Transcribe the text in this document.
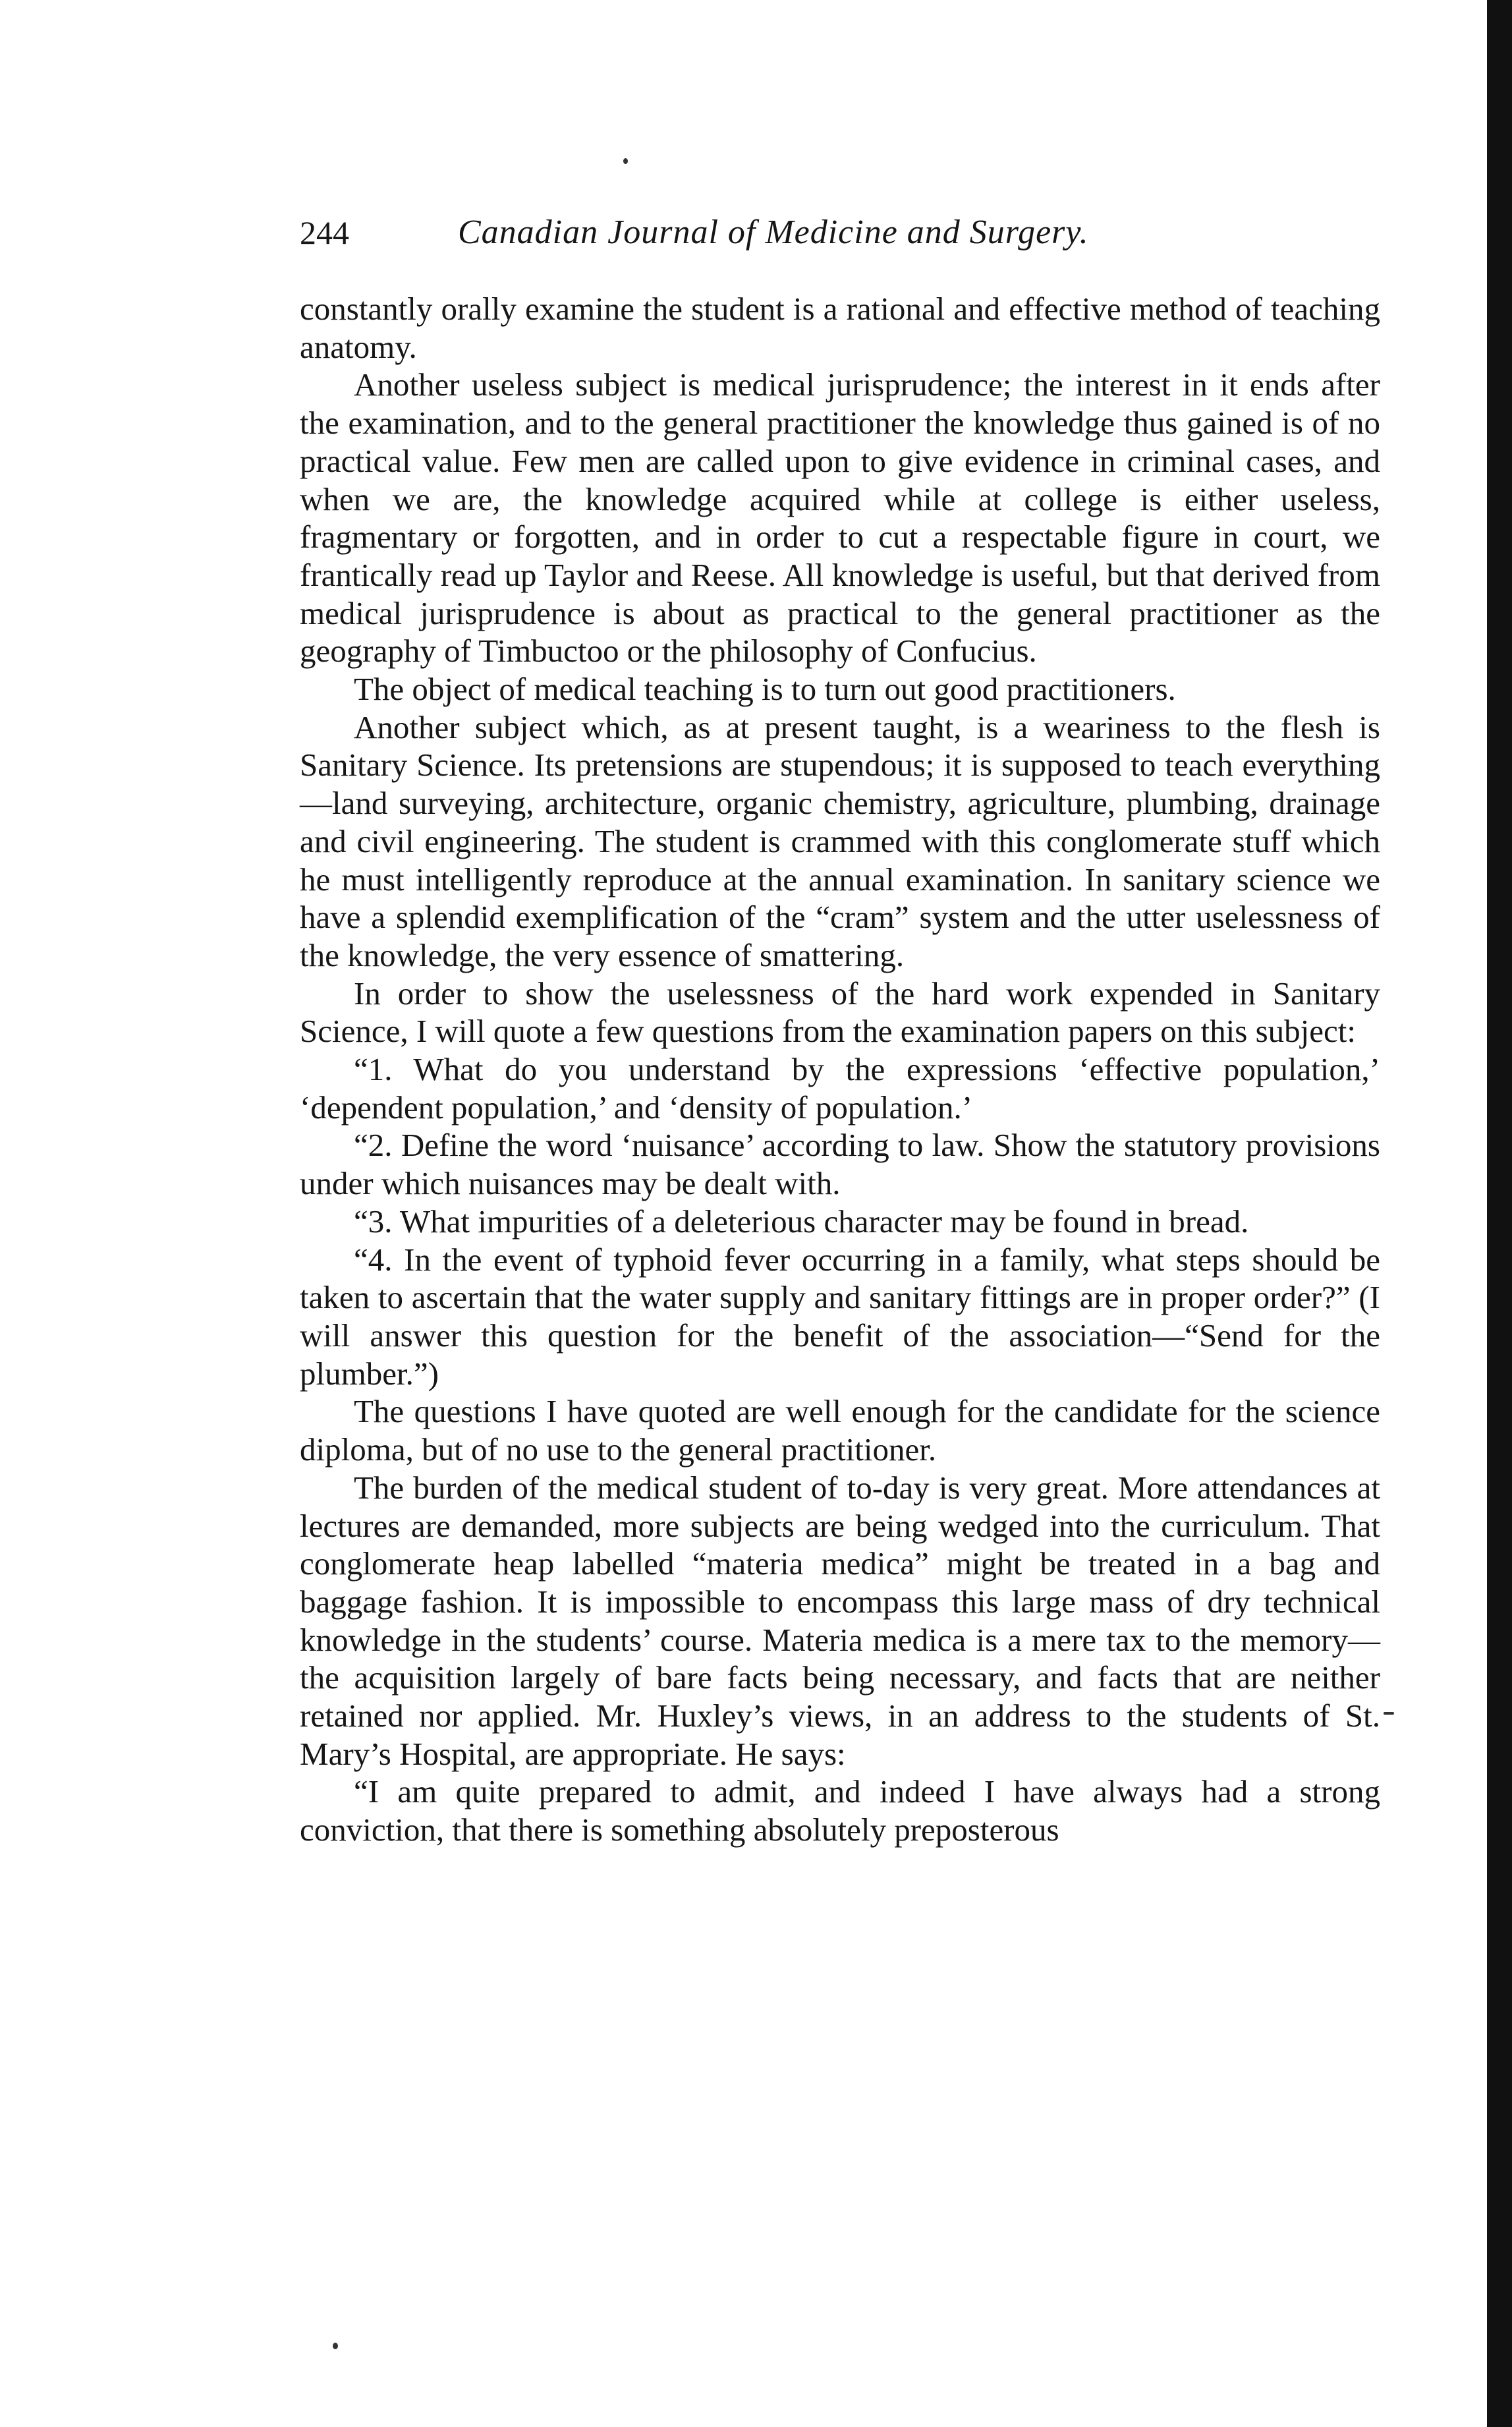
244	Canadian Journal of Medicine and Surgery.

constantly orally examine the student is a rational and effective method of teaching anatomy.

Another useless subject is medical jurisprudence; the interest in it ends after the examination, and to the general practitioner the knowledge thus gained is of no practical value. Few men are called upon to give evidence in criminal cases, and when we are, the knowledge acquired while at college is either useless, fragmentary or forgotten, and in order to cut a respectable figure in court, we frantically read up Taylor and Reese. All knowledge is useful, but that derived from medical jurisprudence is about as practical to the general practitioner as the geography of Timbuctoo or the philosophy of Confucius.

The object of medical teaching is to turn out good practitioners.

Another subject which, as at present taught, is a weariness to the flesh is Sanitary Science. Its pretensions are stupendous; it is supposed to teach everything—land surveying, architecture, organic chemistry, agriculture, plumbing, drainage and civil engineering. The student is crammed with this conglomerate stuff which he must intelligently reproduce at the annual examination. In sanitary science we have a splendid exemplification of the “cram” system and the utter uselessness of the knowledge, the very essence of smattering.

In order to show the uselessness of the hard work expended in Sanitary Science, I will quote a few questions from the examination papers on this subject:

“1. What do you understand by the expressions ‘effective population,’ ‘dependent population,’ and ‘density of population.’

“2. Define the word ‘nuisance’ according to law. Show the statutory provisions under which nuisances may be dealt with.

“3. What impurities of a deleterious character may be found in bread.

“4. In the event of typhoid fever occurring in a family, what steps should be taken to ascertain that the water supply and sanitary fittings are in proper order?” (I will answer this question for the benefit of the association—“Send for the plumber.”)

The questions I have quoted are well enough for the candidate for the science diploma, but of no use to the general practitioner.

The burden of the medical student of to-day is very great. More attendances at lectures are demanded, more subjects are being wedged into the curriculum. That conglomerate heap labelled “materia medica” might be treated in a bag and baggage fashion. It is impossible to encompass this large mass of dry technical knowledge in the students’ course. Materia medica is a mere tax to the memory—the acquisition largely of bare facts being necessary, and facts that are neither retained nor applied. Mr. Huxley’s views, in an address to the students of St. Mary’s Hospital, are appropriate. He says:

“I am quite prepared to admit, and indeed I have always had a strong conviction, that there is something absolutely preposterous
